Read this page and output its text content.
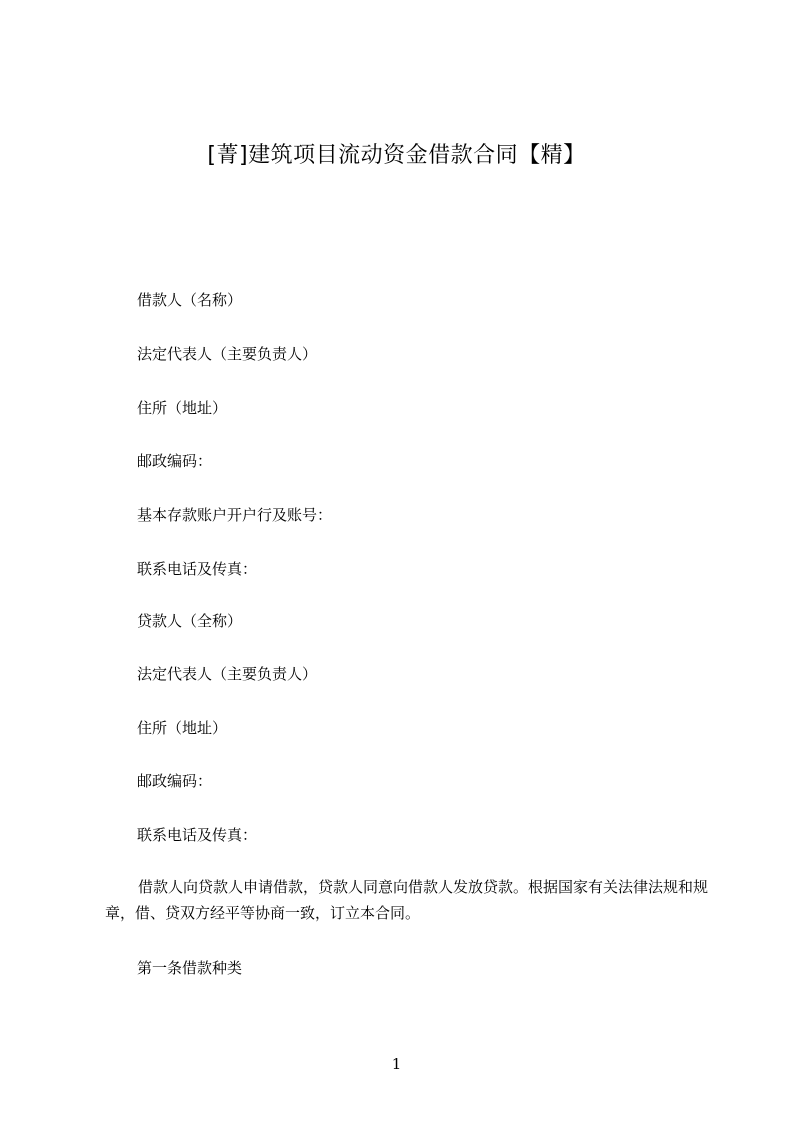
[菁]建筑项目流动资金借款合同【精】
借款人（名称）
法定代表人（主要负责人）
住所（地址）
邮政编码：
基本存款账户开户行及账号：
联系电话及传真：
贷款人（全称）
法定代表人（主要负责人）
住所（地址）
邮政编码：
联系电话及传真：
借款人向贷款人申请借款，贷款人同意向借款人发放贷款。根据国家有关法律法规和规章，借、贷双方经平等协商一致，订立本合同。
第一条借款种类
1
